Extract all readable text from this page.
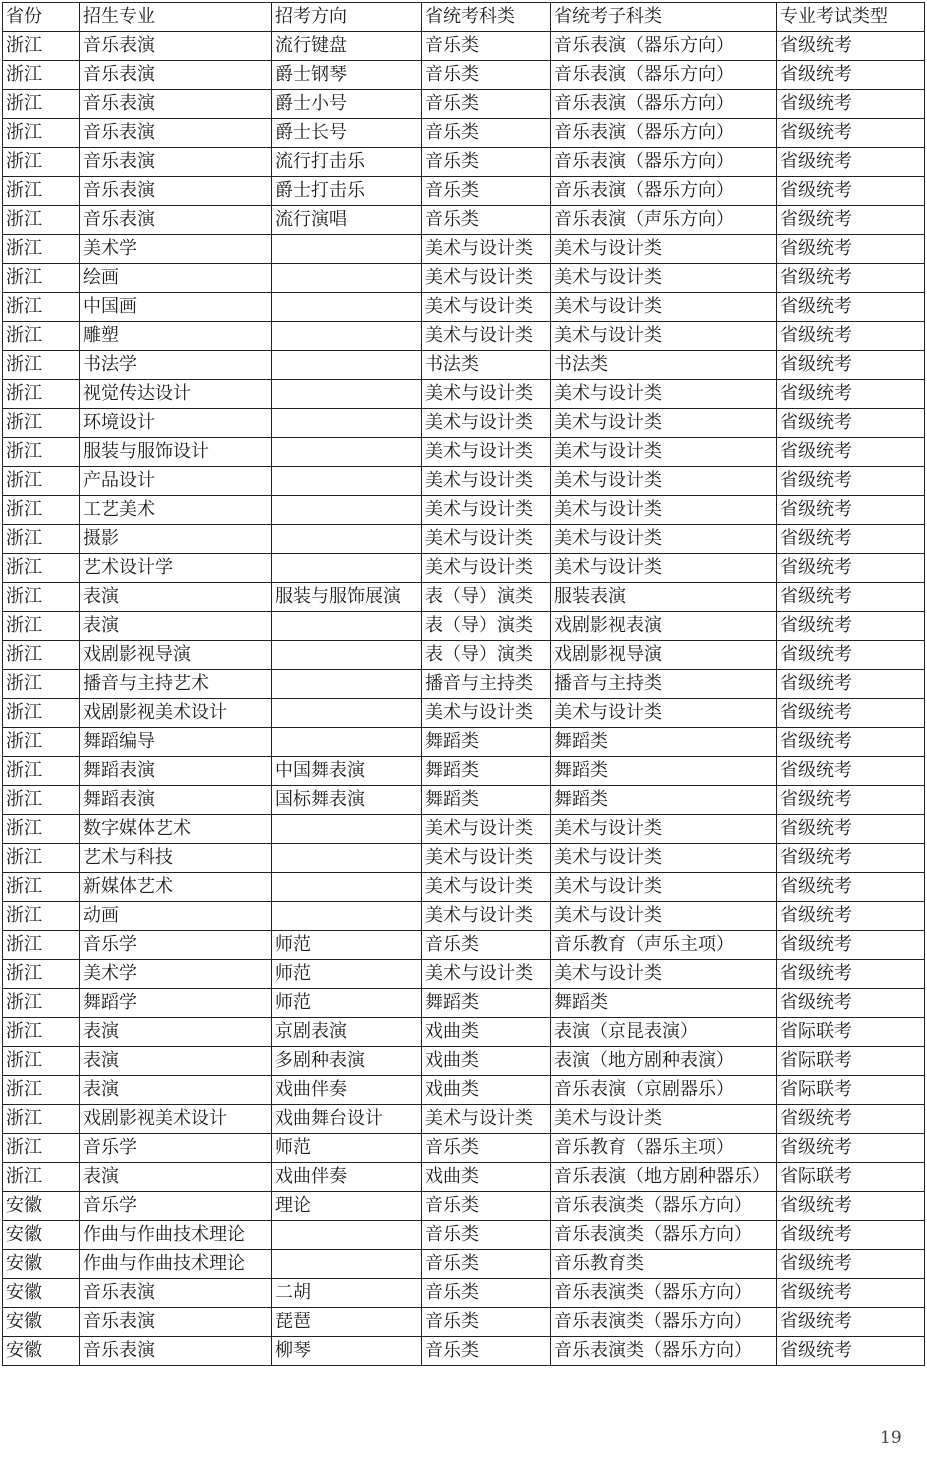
省份	招生专业	招考方向	省统考科类	省统考子科类	专业考试类型
浙江	音乐表演	流行键盘	音乐类	音乐表演（器乐方向）	省级统考
浙江	音乐表演	爵士钢琴	音乐类	音乐表演（器乐方向）	省级统考
浙江	音乐表演	爵士小号	音乐类	音乐表演（器乐方向）	省级统考
浙江	音乐表演	爵士长号	音乐类	音乐表演（器乐方向）	省级统考
浙江	音乐表演	流行打击乐	音乐类	音乐表演（器乐方向）	省级统考
浙江	音乐表演	爵士打击乐	音乐类	音乐表演（器乐方向）	省级统考
浙江	音乐表演	流行演唱	音乐类	音乐表演（声乐方向）	省级统考
浙江	美术学		美术与设计类	美术与设计类	省级统考
浙江	绘画		美术与设计类	美术与设计类	省级统考
浙江	中国画		美术与设计类	美术与设计类	省级统考
浙江	雕塑		美术与设计类	美术与设计类	省级统考
浙江	书法学		书法类	书法类	省级统考
浙江	视觉传达设计		美术与设计类	美术与设计类	省级统考
浙江	环境设计		美术与设计类	美术与设计类	省级统考
浙江	服装与服饰设计		美术与设计类	美术与设计类	省级统考
浙江	产品设计		美术与设计类	美术与设计类	省级统考
浙江	工艺美术		美术与设计类	美术与设计类	省级统考
浙江	摄影		美术与设计类	美术与设计类	省级统考
浙江	艺术设计学		美术与设计类	美术与设计类	省级统考
浙江	表演	服装与服饰展演	表（导）演类	服装表演	省级统考
浙江	表演		表（导）演类	戏剧影视表演	省级统考
浙江	戏剧影视导演		表（导）演类	戏剧影视导演	省级统考
浙江	播音与主持艺术		播音与主持类	播音与主持类	省级统考
浙江	戏剧影视美术设计		美术与设计类	美术与设计类	省级统考
浙江	舞蹈编导		舞蹈类	舞蹈类	省级统考
浙江	舞蹈表演	中国舞表演	舞蹈类	舞蹈类	省级统考
浙江	舞蹈表演	国标舞表演	舞蹈类	舞蹈类	省级统考
浙江	数字媒体艺术		美术与设计类	美术与设计类	省级统考
浙江	艺术与科技		美术与设计类	美术与设计类	省级统考
浙江	新媒体艺术		美术与设计类	美术与设计类	省级统考
浙江	动画		美术与设计类	美术与设计类	省级统考
浙江	音乐学	师范	音乐类	音乐教育（声乐主项）	省级统考
浙江	美术学	师范	美术与设计类	美术与设计类	省级统考
浙江	舞蹈学	师范	舞蹈类	舞蹈类	省级统考
浙江	表演	京剧表演	戏曲类	表演（京昆表演）	省际联考
浙江	表演	多剧种表演	戏曲类	表演（地方剧种表演）	省际联考
浙江	表演	戏曲伴奏	戏曲类	音乐表演（京剧器乐）	省际联考
浙江	戏剧影视美术设计	戏曲舞台设计	美术与设计类	美术与设计类	省级统考
浙江	音乐学	师范	音乐类	音乐教育（器乐主项）	省级统考
浙江	表演	戏曲伴奏	戏曲类	音乐表演（地方剧种器乐）	省际联考
安徽	音乐学	理论	音乐类	音乐表演类（器乐方向）	省级统考
安徽	作曲与作曲技术理论		音乐类	音乐表演类（器乐方向）	省级统考
安徽	作曲与作曲技术理论		音乐类	音乐教育类	省级统考
安徽	音乐表演	二胡	音乐类	音乐表演类（器乐方向）	省级统考
安徽	音乐表演	琵琶	音乐类	音乐表演类（器乐方向）	省级统考
安徽	音乐表演	柳琴	音乐类	音乐表演类（器乐方向）	省级统考
19
